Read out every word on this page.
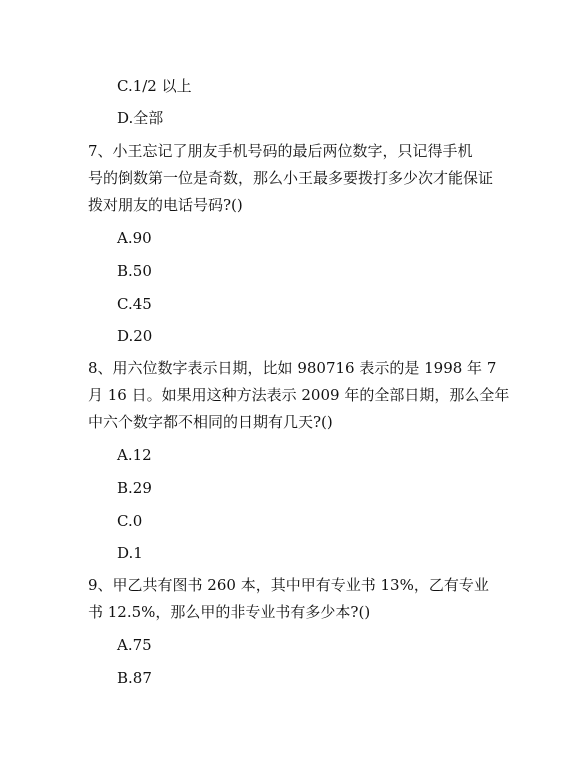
C.1/2 以上
D.全部
7、小王忘记了朋友手机号码的最后两位数字，只记得手机
号的倒数第一位是奇数，那么小王最多要拨打多少次才能保证
拨对朋友的电话号码?()
A.90
B.50
C.45
D.20
8、用六位数字表示日期，比如 980716 表示的是 1998 年 7
月 16 日。如果用这种方法表示 2009 年的全部日期，那么全年
中六个数字都不相同的日期有几天?()
A.12
B.29
C.0
D.1
9、甲乙共有图书 260 本，其中甲有专业书 13%，乙有专业
书 12.5%，那么甲的非专业书有多少本?()
A.75
B.87
